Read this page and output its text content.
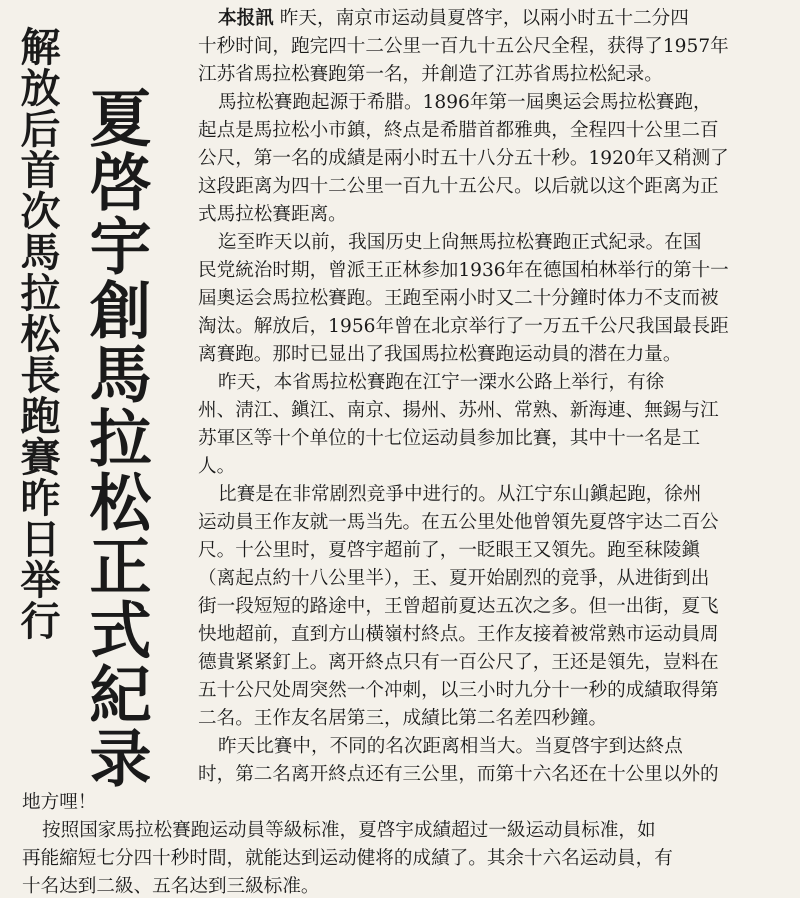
解放后首次馬拉松長跑賽昨日举行 夏啓宇創馬拉松正式紀录
本报訊 昨天，南京市运动員夏啓宇，以兩小时五十二分四
十秒时间，跑完四十二公里一百九十五公尺全程，获得了1957年
江苏省馬拉松賽跑第一名，并創造了江苏省馬拉松紀录。
馬拉松賽跑起源于希腊。1896年第一屆奧运会馬拉松賽跑，
起点是馬拉松小市鎮，終点是希腊首都雅典，全程四十公里二百
公尺，第一名的成績是兩小时五十八分五十秒。1920年又稍测了
这段距离为四十二公里一百九十五公尺。以后就以这个距离为正
式馬拉松賽距离。
迄至昨天以前，我国历史上尙無馬拉松賽跑正式紀录。在国
民党統治时期，曾派王正林参加1936年在德国柏林举行的第十一
屆奧运会馬拉松賽跑。王跑至兩小时又二十分鐘时体力不支而被
淘汰。解放后，1956年曾在北京举行了一万五千公尺我国最長距
离賽跑。那时已显出了我国馬拉松賽跑运动員的潜在力量。
昨天，本省馬拉松賽跑在江宁一溧水公路上举行，有徐
州、淸江、鎭江、南京、揚州、苏州、常熟、新海連、無錫与江
苏軍区等十个单位的十七位运动員参加比賽，其中十一名是工
人。
比賽是在非常剧烈竞爭中进行的。从江宁东山鎭起跑，徐州
运动員王作友就一馬当先。在五公里处他曾領先夏啓宇达二百公
尺。十公里时，夏啓宇超前了，一眨眼王又領先。跑至秣陵鎭
（离起点約十八公里半），王、夏开始剧烈的竞爭，从进街到出
街一段短短的路途中，王曾超前夏达五次之多。但一出街，夏飞
快地超前，直到方山橫嶺村終点。王作友接着被常熟市运动員周
德貴紧紧釘上。离开終点只有一百公尺了，王还是領先，豈料在
五十公尺处周突然一个冲刺，以三小时九分十一秒的成績取得第
二名。王作友名居第三，成績比第二名差四秒鐘。
昨天比賽中，不同的名次距离相当大。当夏啓宇到达終点
时，第二名离开終点还有三公里，而第十六名还在十公里以外的
地方哩！
按照国家馬拉松賽跑运动員等級标准，夏啓宇成績超过一級运动員标准，如
再能縮短七分四十秒时間，就能达到运动健将的成績了。其余十六名运动員，有
十名达到二級、五名达到三級标准。
